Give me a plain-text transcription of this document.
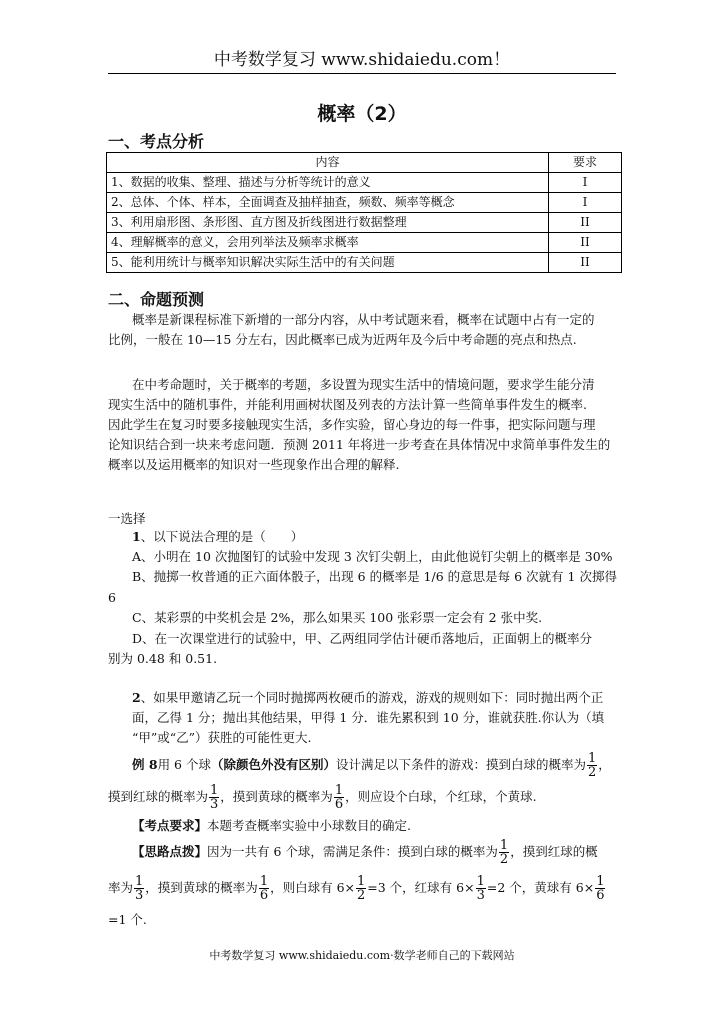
中考数学复习 www.shidaiedu.com！
概率（2）
一、考点分析
内容	要求
1、数据的收集、整理、描述与分析等统计的意义	I
2、总体、个体、样本，全面调查及抽样抽查，频数、频率等概念	I
3、利用扇形图、条形图、直方图及折线图进行数据整理	II
4、理解概率的意义，会用列举法及频率求概率	II
5、能利用统计与概率知识解决实际生活中的有关问题	II
二、命题预测
概率是新课程标准下新增的一部分内容，从中考试题来看，概率在试题中占有一定的
比例，一般在 10—15 分左右，因此概率已成为近两年及今后中考命题的亮点和热点.
在中考命题时，关于概率的考题，多设置为现实生活中的情境问题，要求学生能分清
现实生活中的随机事件，并能利用画树状图及列表的方法计算一些简单事件发生的概率.
因此学生在复习时要多接触现实生活，多作实验，留心身边的每一件事，把实际问题与理
论知识结合到一块来考虑问题．预测 2011 年将进一步考查在具体情况中求简单事件发生的
概率以及运用概率的知识对一些现象作出合理的解释.
一选择
1、以下说法合理的是（　　）
A、小明在 10 次抛图钉的试验中发现 3 次钉尖朝上，由此他说钉尖朝上的概率是 30%
B、抛掷一枚普通的正六面体骰子，出现 6 的概率是 1/6 的意思是每 6 次就有 1 次掷得
6
C、某彩票的中奖机会是 2%，那么如果买 100 张彩票一定会有 2 张中奖.
D、在一次课堂进行的试验中，甲、乙两组同学估计硬币落地后，正面朝上的概率分
别为 0.48 和 0.51.
2、如果甲邀请乙玩一个同时抛掷两枚硬币的游戏，游戏的规则如下：同时抛出两个正
面，乙得 1 分；抛出其他结果，甲得 1 分．谁先累积到 10 分，谁就获胜.你认为（填
“甲”或“乙”）获胜的可能性更大.
例 8用 6 个球（除颜色外没有区别）设计满足以下条件的游戏：摸到白球的概率为 $\frac{1}{2}$ ，
摸到红球的概率为 $\frac{1}{3}$ ，摸到黄球的概率为 $\frac{1}{6}$ ，则应设个白球，个红球，个黄球.
【考点要求】本题考查概率实验中小球数目的确定.
【思路点拨】因为一共有 6 个球，需满足条件：摸到白球的概率为 $\frac{1}{2}$ ，摸到红球的概
率为 $\frac{1}{3}$ ，摸到黄球的概率为 $\frac{1}{6}$ ，则白球有 $6\times \frac{1}{2} =3$ 个，红球有 $6\times \frac{1}{3} =2$ 个，黄球有 $6\times \frac{1}{6}$
=1 个.
中考数学复习 www.shidaiedu.com·数学老师自己的下载网站
